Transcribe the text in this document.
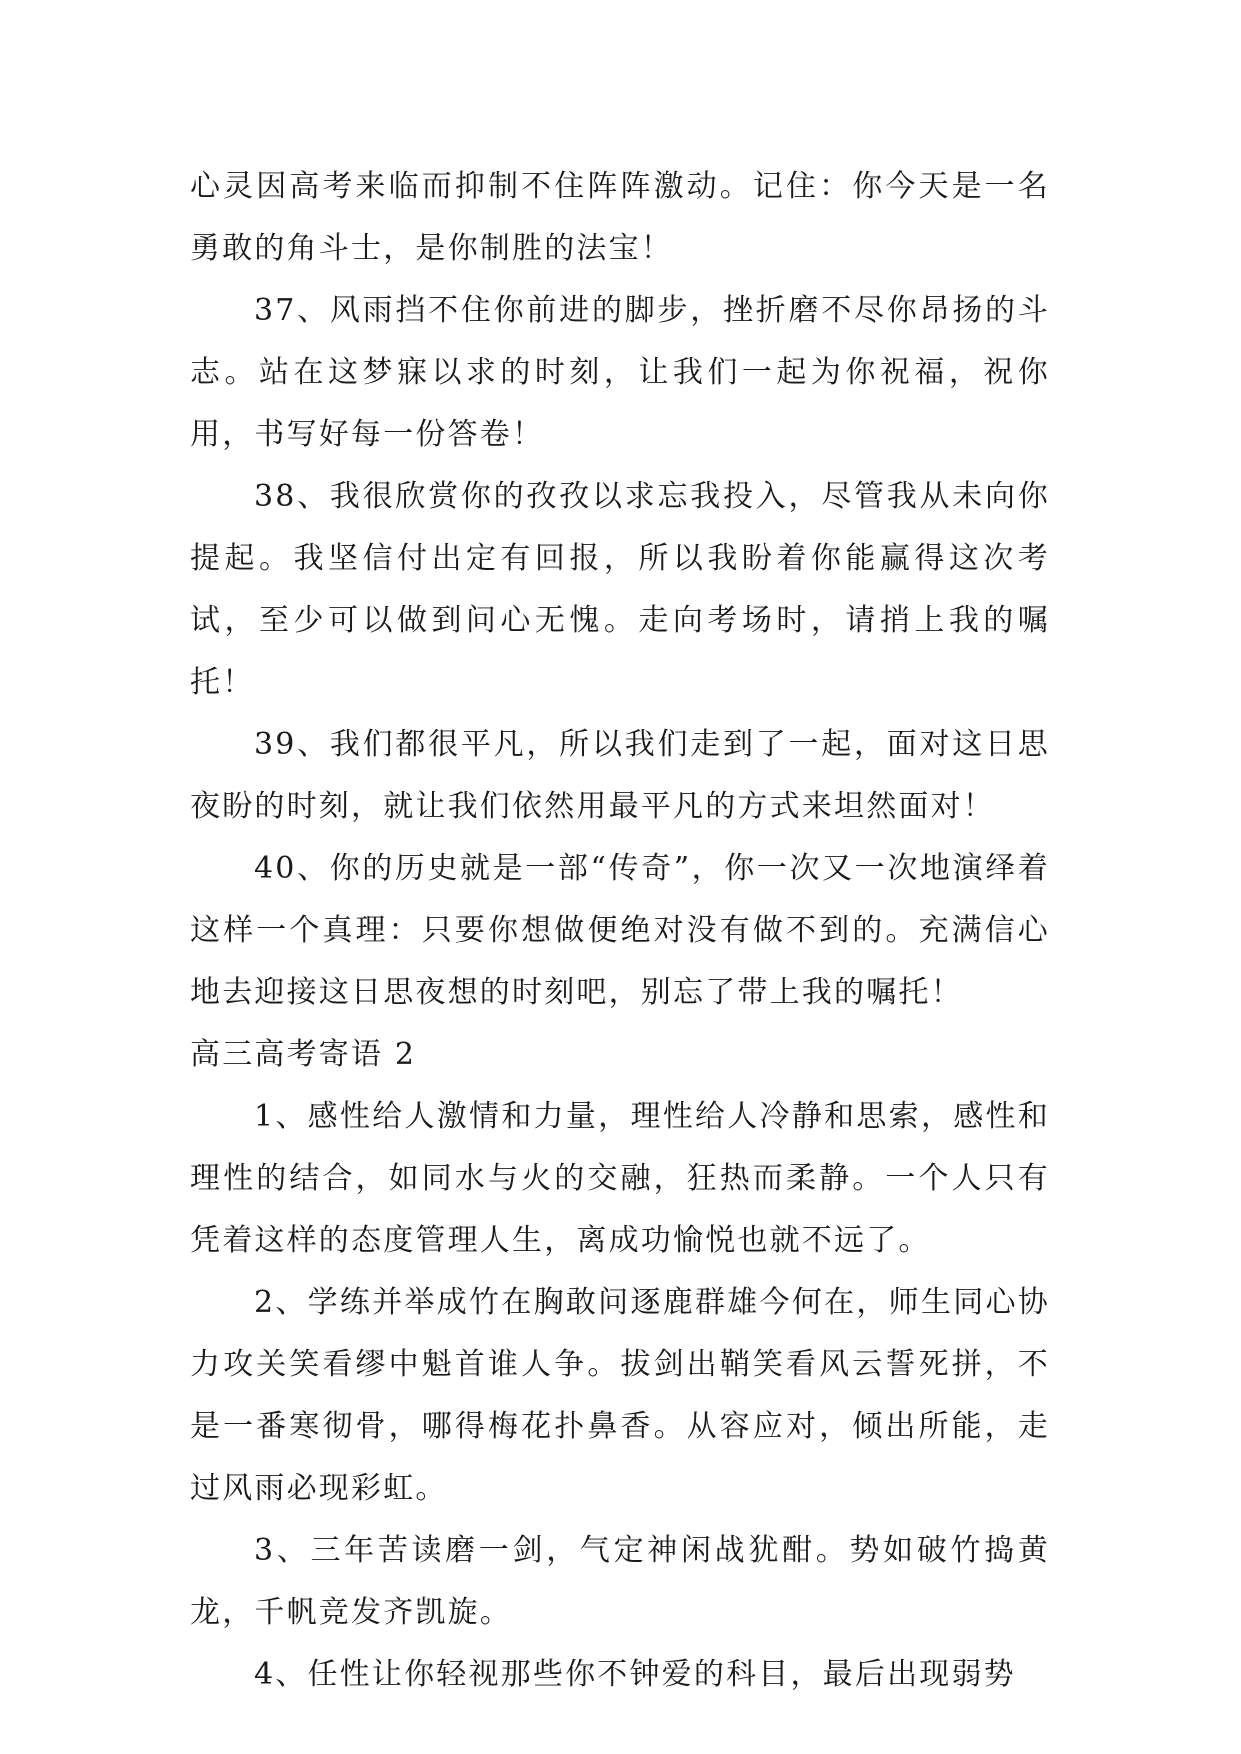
心灵因高考来临而抑制不住阵阵激动。记住：你今天是一名勇敢的角斗士，是你制胜的法宝！

37、风雨挡不住你前进的脚步，挫折磨不尽你昂扬的斗志。站在这梦寐以求的时刻，让我们一起为你祝福，祝你用，书写好每一份答卷！

38、我很欣赏你的孜孜以求忘我投入，尽管我从未向你提起。我坚信付出定有回报，所以我盼着你能赢得这次考试，至少可以做到问心无愧。走向考场时，请捎上我的嘱托！

39、我们都很平凡，所以我们走到了一起，面对这日思夜盼的时刻，就让我们依然用最平凡的方式来坦然面对！

40、你的历史就是一部“传奇”，你一次又一次地演绎着这样一个真理：只要你想做便绝对没有做不到的。充满信心地去迎接这日思夜想的时刻吧，别忘了带上我的嘱托！

高三高考寄语 2

1、感性给人激情和力量，理性给人冷静和思索，感性和理性的结合，如同水与火的交融，狂热而柔静。一个人只有凭着这样的态度管理人生，离成功愉悦也就不远了。

2、学练并举成竹在胸敢问逐鹿群雄今何在，师生同心协力攻关笑看缪中魁首谁人争。拔剑出鞘笑看风云誓死拼，不是一番寒彻骨，哪得梅花扑鼻香。从容应对，倾出所能，走过风雨必现彩虹。

3、三年苦读磨一剑，气定神闲战犹酣。势如破竹捣黄龙，千帆竞发齐凯旋。

4、任性让你轻视那些你不钟爱的科目，最后出现弱势
